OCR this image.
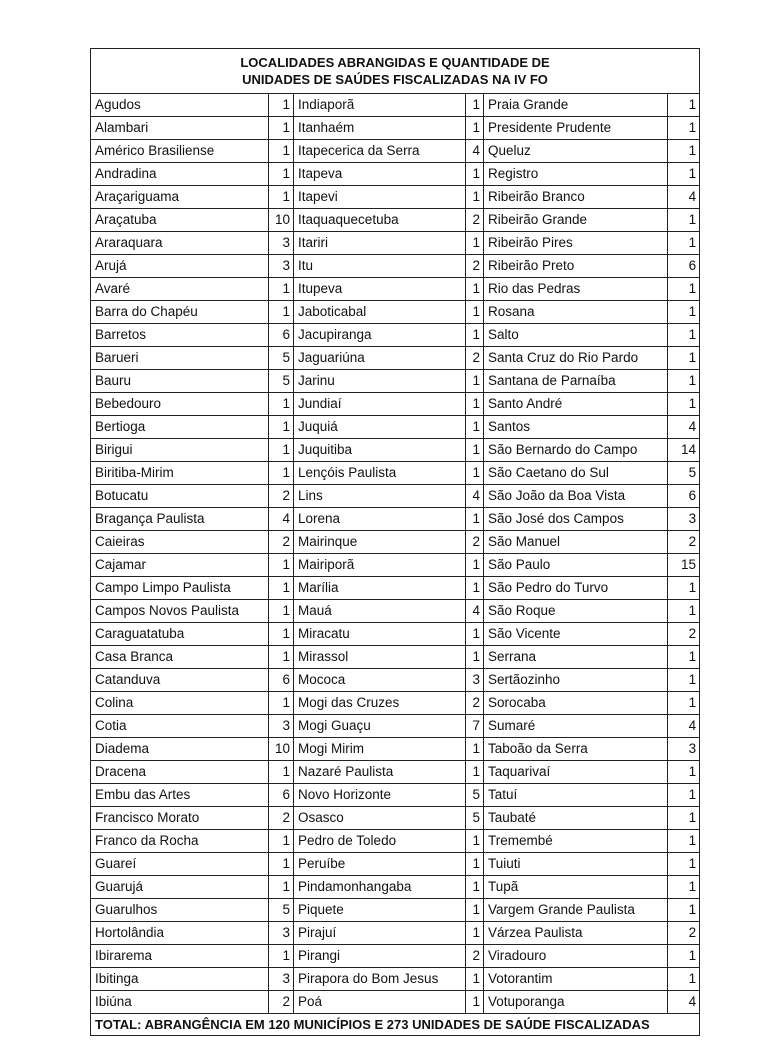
LOCALIDADES ABRANGIDAS E QUANTIDADE DE
UNIDADES DE SAÚDES FISCALIZADAS NA IV FO					

Agudos	1	Indiaporã	1	Praia Grande	1
Alambari	1	Itanhaém	1	Presidente Prudente	1
Américo Brasiliense	1	Itapecerica da Serra	4	Queluz	1
Andradina	1	Itapeva	1	Registro	1
Araçariguama	1	Itapevi	1	Ribeirão Branco	4
Araçatuba	10	Itaquaquecetuba	2	Ribeirão Grande	1
Araraquara	3	Itariri	1	Ribeirão Pires	1
Arujá	3	Itu	2	Ribeirão Preto	6
Avaré	1	Itupeva	1	Rio das Pedras	1
Barra do Chapéu	1	Jaboticabal	1	Rosana	1
Barretos	6	Jacupiranga	1	Salto	1
Barueri	5	Jaguariúna	2	Santa Cruz do Rio Pardo	1
Bauru	5	Jarinu	1	Santana de Parnaíba	1
Bebedouro	1	Jundiaí	1	Santo André	1
Bertioga	1	Juquiá	1	Santos	4
Birigui	1	Juquitiba	1	São Bernardo do Campo	14
Biritiba-Mirim	1	Lençóis Paulista	1	São Caetano do Sul	5
Botucatu	2	Lins	4	São João da Boa Vista	6
Bragança Paulista	4	Lorena	1	São José dos Campos	3
Caieiras	2	Mairinque	2	São Manuel	2
Cajamar	1	Mairiporã	1	São Paulo	15
Campo Limpo Paulista	1	Marília	1	São Pedro do Turvo	1
Campos Novos Paulista	1	Mauá	4	São Roque	1
Caraguatatuba	1	Miracatu	1	São Vicente	2
Casa Branca	1	Mirassol	1	Serrana	1
Catanduva	6	Mococa	3	Sertãozinho	1
Colina	1	Mogi das Cruzes	2	Sorocaba	1
Cotia	3	Mogi Guaçu	7	Sumaré	4
Diadema	10	Mogi Mirim	1	Taboão da Serra	3
Dracena	1	Nazaré Paulista	1	Taquarivaí	1
Embu das Artes	6	Novo Horizonte	5	Tatuí	1
Francisco Morato	2	Osasco	5	Taubaté	1
Franco da Rocha	1	Pedro de Toledo	1	Tremembé	1
Guareí	1	Peruíbe	1	Tuiuti	1
Guarujá	1	Pindamonhangaba	1	Tupã	1
Guarulhos	5	Piquete	1	Vargem Grande Paulista	1
Hortolândia	3	Pirajuí	1	Várzea Paulista	2
Ibirarema	1	Pirangi	2	Viradouro	1
Ibitinga	3	Pirapora do Bom Jesus	1	Votorantim	1
Ibiúna	2	Poá	1	Votuporanga	4
TOTAL: ABRANGÊNCIA EM 120 MUNICÍPIOS E 273 UNIDADES DE SAÚDE FISCALIZADAS					
